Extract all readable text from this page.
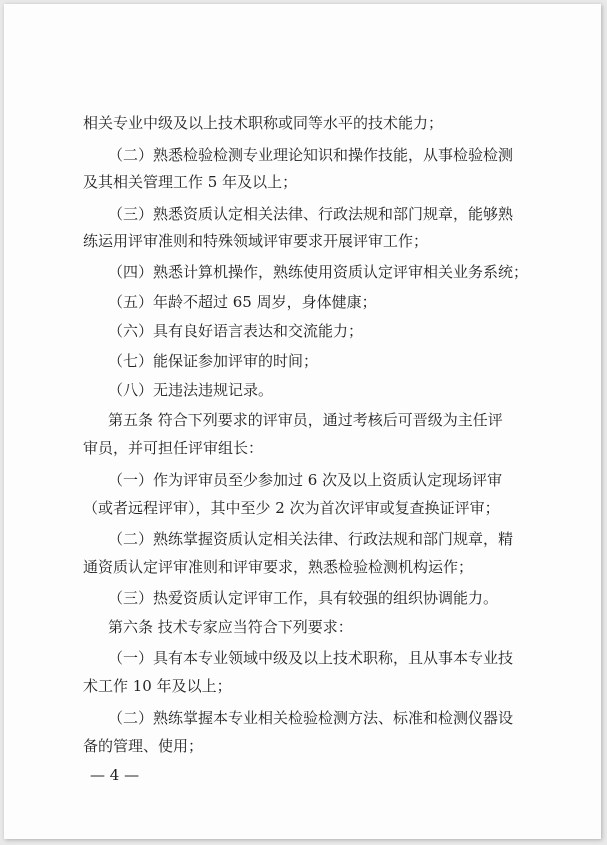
相关专业中级及以上技术职称或同等水平的技术能力；
（二）熟悉检验检测专业理论知识和操作技能，从事检验检测
及其相关管理工作 5 年及以上；
（三）熟悉资质认定相关法律、行政法规和部门规章，能够熟
练运用评审准则和特殊领域评审要求开展评审工作；
（四）熟悉计算机操作，熟练使用资质认定评审相关业务系统；
（五）年龄不超过 65 周岁，身体健康；
（六）具有良好语言表达和交流能力；
（七）能保证参加评审的时间；
（八）无违法违规记录。
第五条 符合下列要求的评审员，通过考核后可晋级为主任评
审员，并可担任评审组长：
（一）作为评审员至少参加过 6 次及以上资质认定现场评审
（或者远程评审），其中至少 2 次为首次评审或复查换证评审；
（二）熟练掌握资质认定相关法律、行政法规和部门规章，精
通资质认定评审准则和评审要求，熟悉检验检测机构运作；
（三）热爱资质认定评审工作，具有较强的组织协调能力。
第六条 技术专家应当符合下列要求：
（一）具有本专业领域中级及以上技术职称，且从事本专业技
术工作 10 年及以上；
（二）熟练掌握本专业相关检验检测方法、标准和检测仪器设
备的管理、使用；
— 4 —
